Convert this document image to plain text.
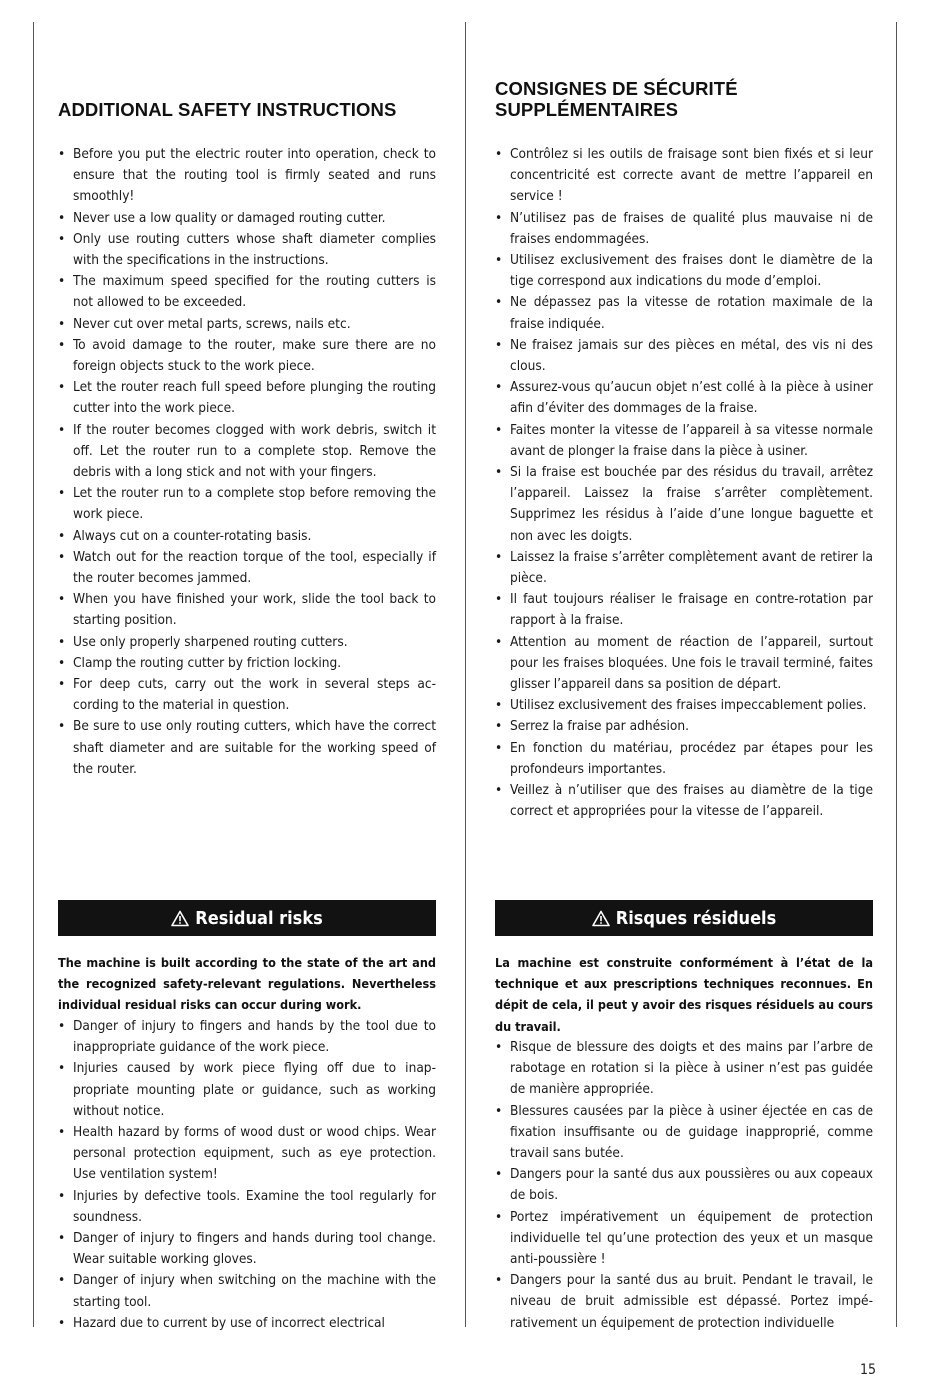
ADDITIONAL SAFETY INSTRUCTIONS
• Before you put the electric router into operation, check to ensure that the routing tool is firmly seated and runs smoothly!
• Never use a low quality or damaged routing cutter.
• Only use routing cutters whose shaft diameter complies with the specifications in the instructions.
• The maximum speed specified for the routing cutters is not allowed to be exceeded.
• Never cut over metal parts, screws, nails etc.
• To avoid damage to the router, make sure there are no foreign objects stuck to the work piece.
• Let the router reach full speed before plunging the routing cutter into the work piece.
• If the router becomes clogged with work debris, switch it off. Let the router run to a complete stop. Remove the debris with a long stick and not with your fingers.
• Let the router run to a complete stop before removing the work piece.
• Always cut on a counter-rotating basis.
• Watch out for the reaction torque of the tool, especially if the router becomes jammed.
• When you have finished your work, slide the tool back to starting position.
• Use only properly sharpened routing cutters.
• Clamp the routing cutter by friction locking.
• For deep cuts, carry out the work in several steps according to the material in question.
• Be sure to use only routing cutters, which have the correct shaft diameter and are suitable for the working speed of the router.
Residual risks

The machine is built according to the state of the art and the recognized safety-relevant regulations. Nevertheless individual residual risks can occur during work.

• Danger of injury to fingers and hands by the tool due to inappropriate guidance of the work piece.
• Injuries caused by work piece flying off due to inappropriate mounting plate or guidance, such as working without notice.
• Health hazard by forms of wood dust or wood chips. Wear personal protection equipment, such as eye protection. Use ventilation system!
• Injuries by defective tools. Examine the tool regularly for soundness.
• Danger of injury to fingers and hands during tool change. Wear suitable working gloves.
• Danger of injury when switching on the machine with the starting tool.
• Hazard due to current by use of incorrect electrical
CONSIGNES DE SÉCURITÉ
SUPPLÉMENTAIRES
• Contrôlez si les outils de fraisage sont bien fixés et si leur concentricité est correcte avant de mettre l’appareil en service !
• N’utilisez pas de fraises de qualité plus mauvaise ni de fraises endommagées.
• Utilisez exclusivement des fraises dont le diamètre de la tige correspond aux indications du mode d’emploi.
• Ne dépassez pas la vitesse de rotation maximale de la fraise indiquée.
• Ne fraisez jamais sur des pièces en métal, des vis ni des clous.
• Assurez-vous qu’aucun objet n’est collé à la pièce à usiner afin d’éviter des dommages de la fraise.
• Faites monter la vitesse de l’appareil à sa vitesse normale avant de plonger la fraise dans la pièce à usiner.
• Si la fraise est bouchée par des résidus du travail, arrêtez l’appareil. Laissez la fraise s’arrêter complètement. Supprimez les résidus à l’aide d’une longue baguette et non avec les doigts.
• Laissez la fraise s’arrêter complètement avant de retirer la pièce.
• Il faut toujours réaliser le fraisage en contre-rotation par rapport à la fraise.
• Attention au moment de réaction de l’appareil, surtout pour les fraises bloquées. Une fois le travail terminé, faites glisser l’appareil dans sa position de départ.
• Utilisez exclusivement des fraises impeccablement polies.
• Serrez la fraise par adhésion.
• En fonction du matériau, procédez par étapes pour les profondeurs importantes.
• Veillez à n’utiliser que des fraises au diamètre de la tige correct et appropriées pour la vitesse de l’appareil.
Risques résiduels

La machine est construite conformément à l’état de la technique et aux prescriptions techniques reconnues. En dépit de cela, il peut y avoir des risques résiduels au cours du travail.

• Risque de blessure des doigts et des mains par l’arbre de rabotage en rotation si la pièce à usiner n’est pas guidée de manière appropriée.
• Blessures causées par la pièce à usiner éjectée en cas de fixation insuffisante ou de guidage inapproprié, comme travail sans butée.
• Dangers pour la santé dus aux poussières ou aux copeaux de bois.
• Portez impérativement un équipement de protection individuelle tel qu’une protection des yeux et un masque anti-poussière !
• Dangers pour la santé dus au bruit. Pendant le travail, le niveau de bruit admissible est dépassé. Portez impérativement un équipement de protection individuelle
15
